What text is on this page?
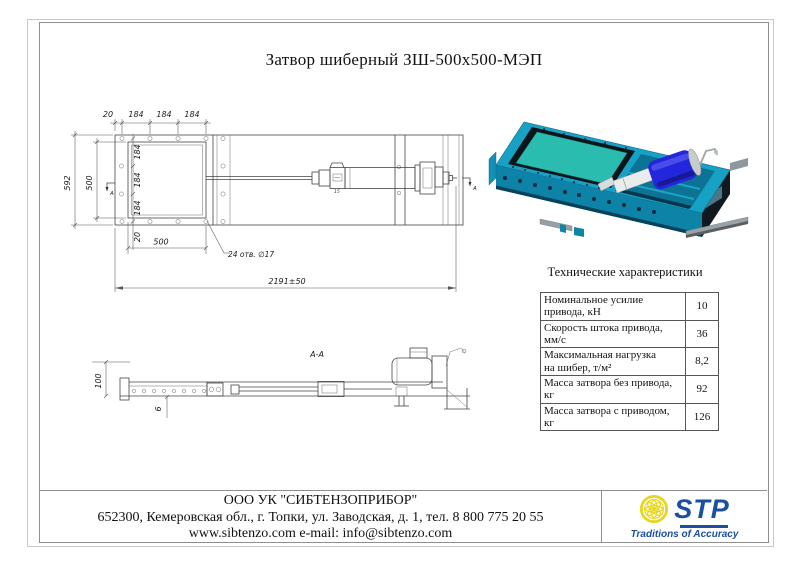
Затвор шиберный ЗШ-500х500-МЭП
15
А
А
20 184 184 184
592 500
184
184
184
20 500
24 отв. ∅17
2191±50
А-А
100
6
Технические характеристики
Номинальное усилие привода, кН	10
Скорость штока привода, мм/с	36

Максимальная нагрузка
на шибер, т/м²	8,2
Масса затвора без привода, кг	92
Масса затвора с приводом, кг	126
ООО УК "СИБТЕНЗОПРИБОР"
652300, Кемеровская обл., г. Топки, ул. Заводская, д. 1, тел. 8 800 775 20 55
www.sibtenzo.com e-mail: info@sibtenzo.com
STP
Traditions of Accuracy
